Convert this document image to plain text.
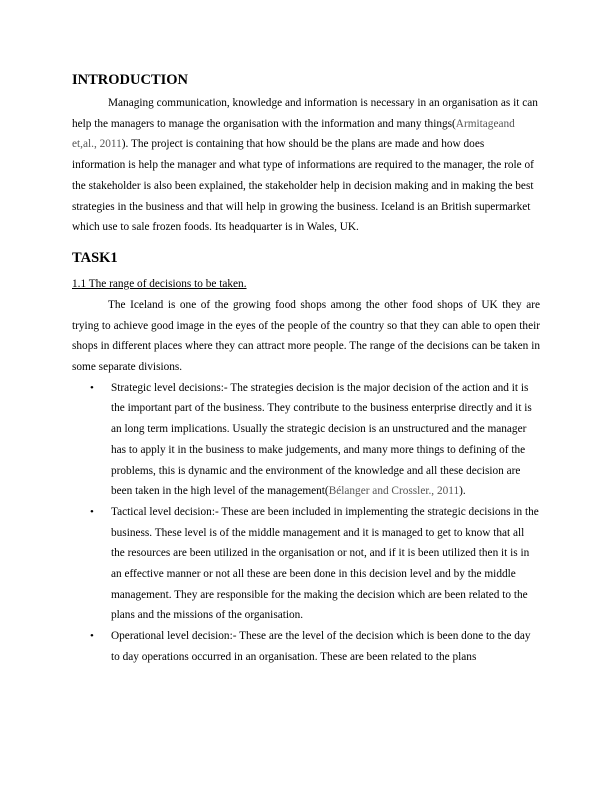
INTRODUCTION

Managing communication, knowledge and information is necessary in an organisation as it can help the managers to manage the organisation with the information and many things(Armitageand et,al., 2011). The project is containing that how should be the plans are made and how does information is help the manager and what type of informations are required to the manager, the role of the stakeholder is also been explained, the stakeholder help in decision making and in making the best strategies in the business and that will help in growing the business. Iceland is an British supermarket which use to sale frozen foods. Its headquarter is in Wales, UK.

TASK1

1.1 The range of decisions to be taken.

The Iceland is one of the growing food shops among the other food shops of UK they are trying to achieve good image in the eyes of the people of the country so that they can able to open their shops in different places where they can attract more people. The range of the decisions can be taken in some separate divisions.

• Strategic level decisions:- The strategies decision is the major decision of the action and it is the important part of the business. They contribute to the business enterprise directly and it is an long term implications. Usually the strategic decision is an unstructured and the manager has to apply it in the business to make judgements, and many more things to defining of the problems, this is dynamic and the environment of the knowledge and all these decision are been taken in the high level of the management(Bélanger and Crossler., 2011).
• Tactical level decision:- These are been included in implementing the strategic decisions in the business. These level is of the middle management and it is managed to get to know that all the resources are been utilized in the organisation or not, and if it is been utilized then it is in an effective manner or not all these are been done in this decision level and by the middle management. They are responsible for the making the decision which are been related to the plans and the missions of the organisation.
• Operational level decision:- These are the level of the decision which is been done to the day to day operations occurred in an organisation. These are been related to the plans
